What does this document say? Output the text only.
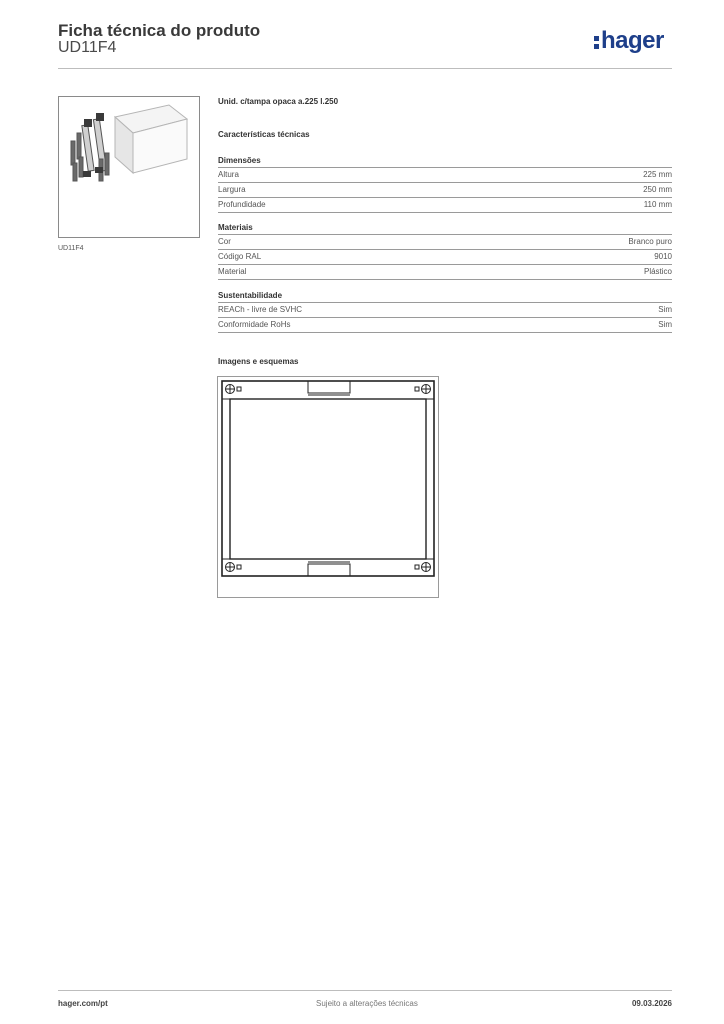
Ficha técnica do produto
UD11F4	hager
UD11F4
Unid. c/tampa opaca a.225 l.250
Características técnicas
Dimensões
Altura	225 mm
Largura	250 mm
Profundidade	110 mm
Materiais
Cor	Branco puro
Código RAL	9010
Material	Plástico
Sustentabilidade
REACh - livre de SVHC	Sim
Conformidade RoHs	Sim
Imagens e esquemas
hager.com/pt	Sujeito a alterações técnicas	09.03.2026
